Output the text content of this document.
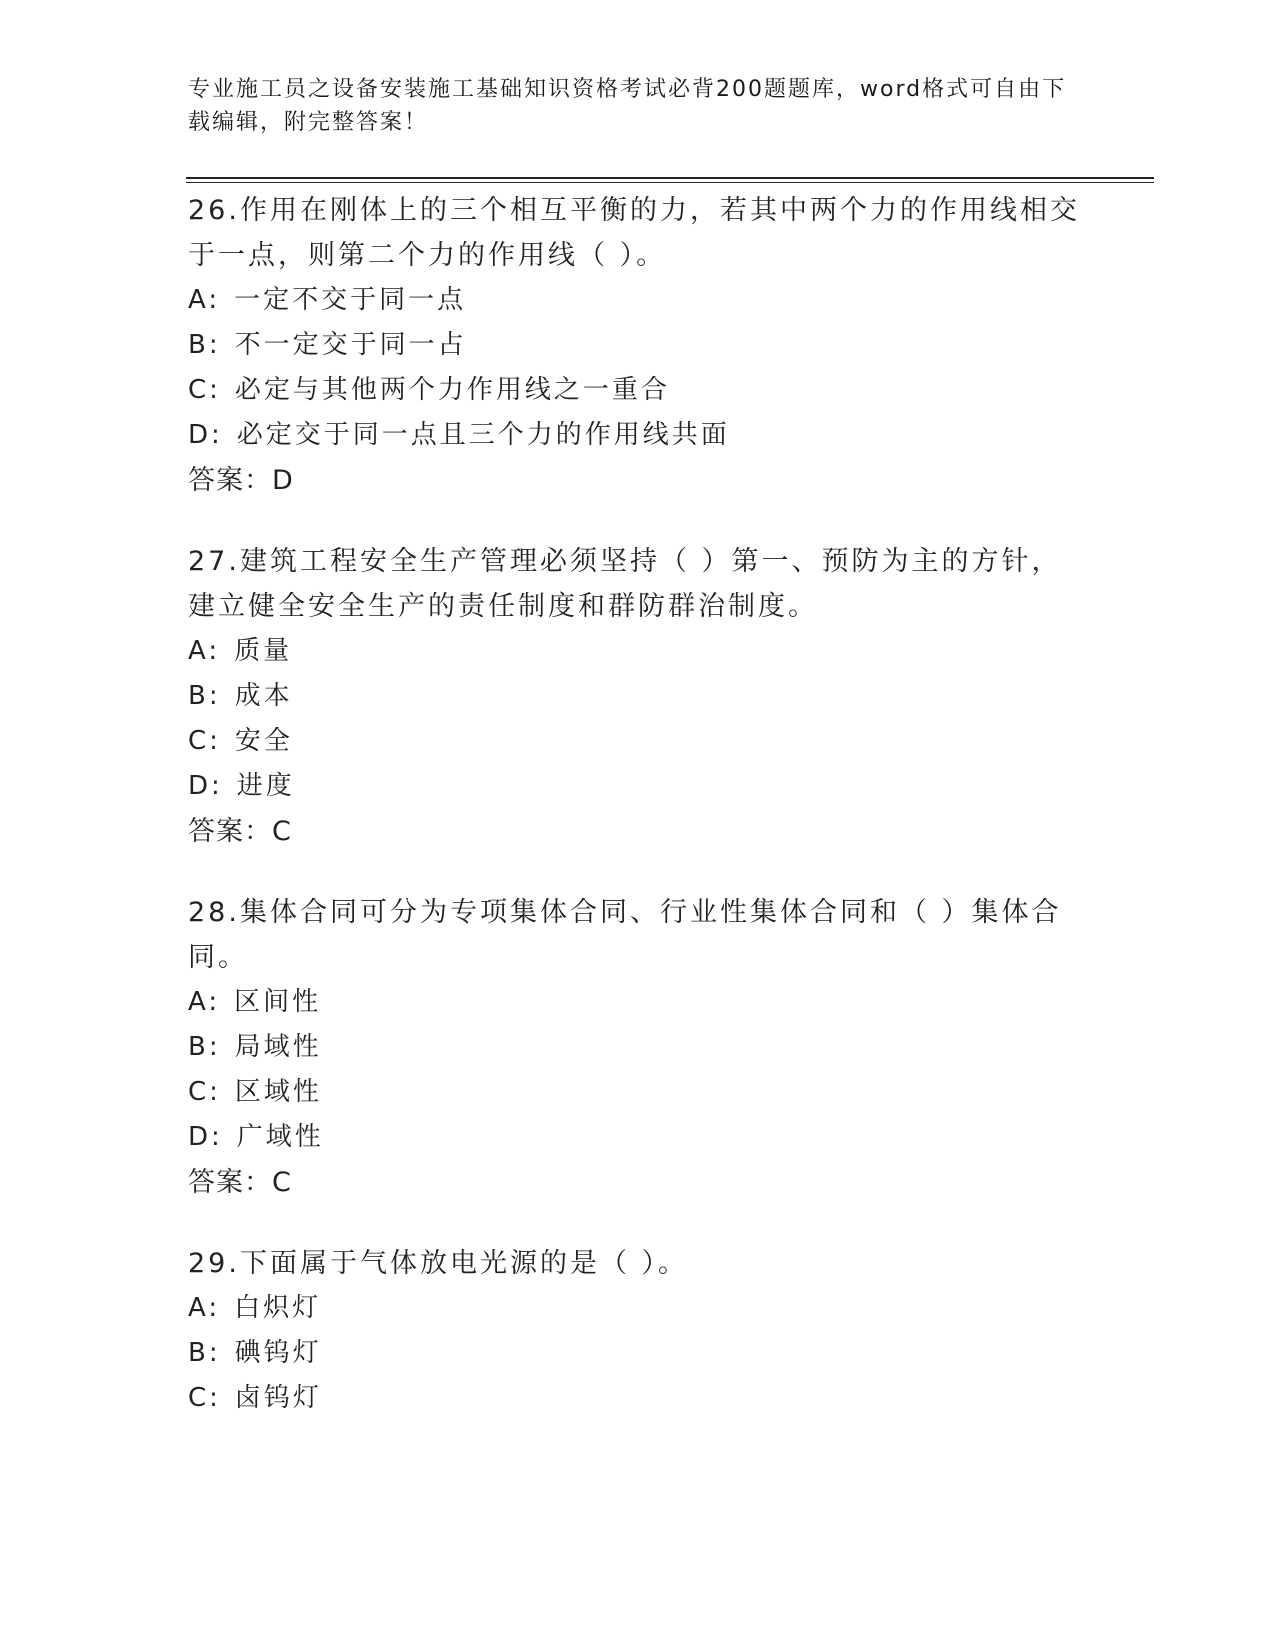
专业施工员之设备安装施工基础知识资格考试必背200题题库，word格式可自由下载编辑，附完整答案！

26.作用在刚体上的三个相互平衡的力，若其中两个力的作用线相交于一点，则第二个力的作用线（ ）。

A: 一定不交于同一点

B: 不一定交于同一占

C: 必定与其他两个力作用线之一重合

D: 必定交于同一点且三个力的作用线共面

答案：D

27.建筑工程安全生产管理必须坚持（ ）第一、预防为主的方针，建立健全安全生产的责任制度和群防群治制度。

A: 质量

B: 成本

C: 安全

D: 进度

答案：C

28.集体合同可分为专项集体合同、行业性集体合同和（ ）集体合同。

A: 区间性

B: 局域性

C: 区域性

D: 广域性

答案：C

29.下面属于气体放电光源的是（ ）。

A: 白炽灯

B: 碘钨灯

C: 卤钨灯
